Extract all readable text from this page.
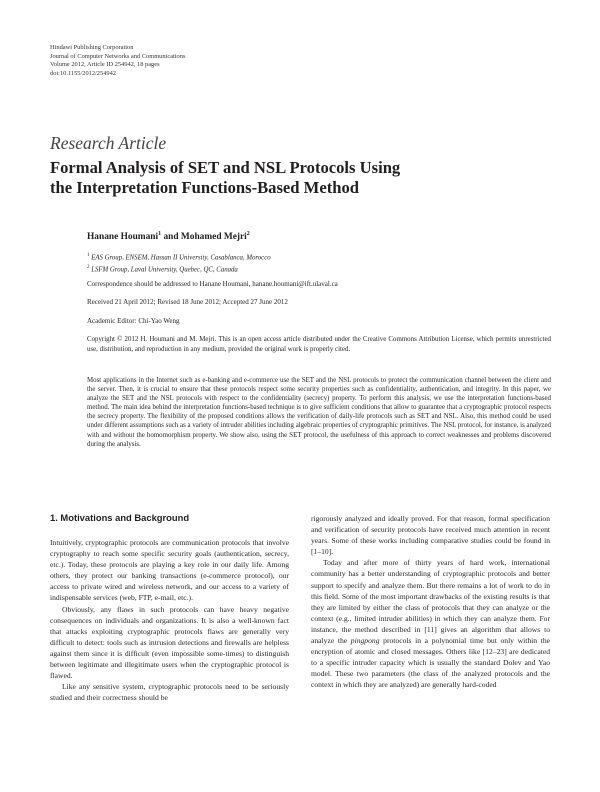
Hindawi Publishing Corporation
Journal of Computer Networks and Communications
Volume 2012, Article ID 254942, 18 pages
doi:10.1155/2012/254942
Research Article
Formal Analysis of SET and NSL Protocols Using
the Interpretation Functions-Based Method
Hanane Houmani$^1$ and Mohamed Mejri$^2$
$^1$ EAS Group, ENSEM, Hassan II University, Casablanca, Morocco
$^2$ LSFM Group, Laval University, Quebec, QC, Canada
Correspondence should be addressed to Hanane Houmani, hanane.houmani@ift.ulaval.ca
Received 21 April 2012; Revised 18 June 2012; Accepted 27 June 2012
Academic Editor: Chi-Yao Weng
Copyright © 2012 H. Houmani and M. Mejri. This is an open access article distributed under the Creative Commons Attribution License, which permits unrestricted use, distribution, and reproduction in any medium, provided the original work is properly cited.
Most applications in the Internet such as e-banking and e-commerce use the SET and the NSL protocols to protect the communication channel between the client and the server. Then, it is crucial to ensure that these protocols respect some security properties such as confidentiality, authentication, and integrity. In this paper, we analyze the SET and the NSL protocols with respect to the confidentiality (secrecy) property. To perform this analysis, we use the interpretation functions-based method. The main idea behind the interpretation functions-based technique is to give sufficient conditions that allow to guarantee that a cryptographic protocol respects the secrecy property. The flexibility of the proposed conditions allows the verification of daily-life protocols such as SET and NSL. Also, this method could be used under different assumptions such as a variety of intruder abilities including algebraic properties of cryptographic primitives. The NSL protocol, for instance, is analyzed with and without the homomorphism property. We show also, using the SET protocol, the usefulness of this approach to correct weaknesses and problems discovered during the analysis.
1. Motivations and Background

Intuitively, cryptographic protocols are communication protocols that involve cryptography to reach some specific security goals (authentication, secrecy, etc.). Today, these protocols are playing a key role in our daily life. Among others, they protect our banking transactions (e-commerce protocol), our access to private wired and wireless network, and our access to a variety of indispensable services (web, FTP, e-mail, etc.).

Obviously, any flaws in such protocols can have heavy negative consequences on individuals and organizations. It is also a well-known fact that attacks exploiting cryptographic protocols flaws are generally very difficult to detect: tools such as intrusion detections and firewalls are helpless against them since it is difficult (even impossible some-times) to distinguish between legitimate and illegitimate users when the cryptographic protocol is flawed.

Like any sensitive system, cryptographic protocols need to be seriously studied and their correctness should be

rigorously analyzed and ideally proved. For that reason, formal specification and verification of security protocols have received much attention in recent years. Some of these works including comparative studies could be found in [1–10].

Today and after more of thirty years of hard work, international community has a better understanding of cryptographic protocols and better support to specify and analyze them. But there remains a lot of work to do in this field. Some of the most important drawbacks of the existing results is that they are limited by either the class of protocols that they can analyze or the context (e.g., limited intruder abilities) in which they can analyze them. For instance, the method described in [11] gives an algorithm that allows to analyze the pingpong protocols in a polynomial time but only within the encryption of atomic and closed messages. Others like [12–23] are dedicated to a specific intruder capacity which is usually the standard Dolev and Yao model. These two parameters (the class of the analyzed protocols and the context in which they are analyzed) are generally hard-coded
